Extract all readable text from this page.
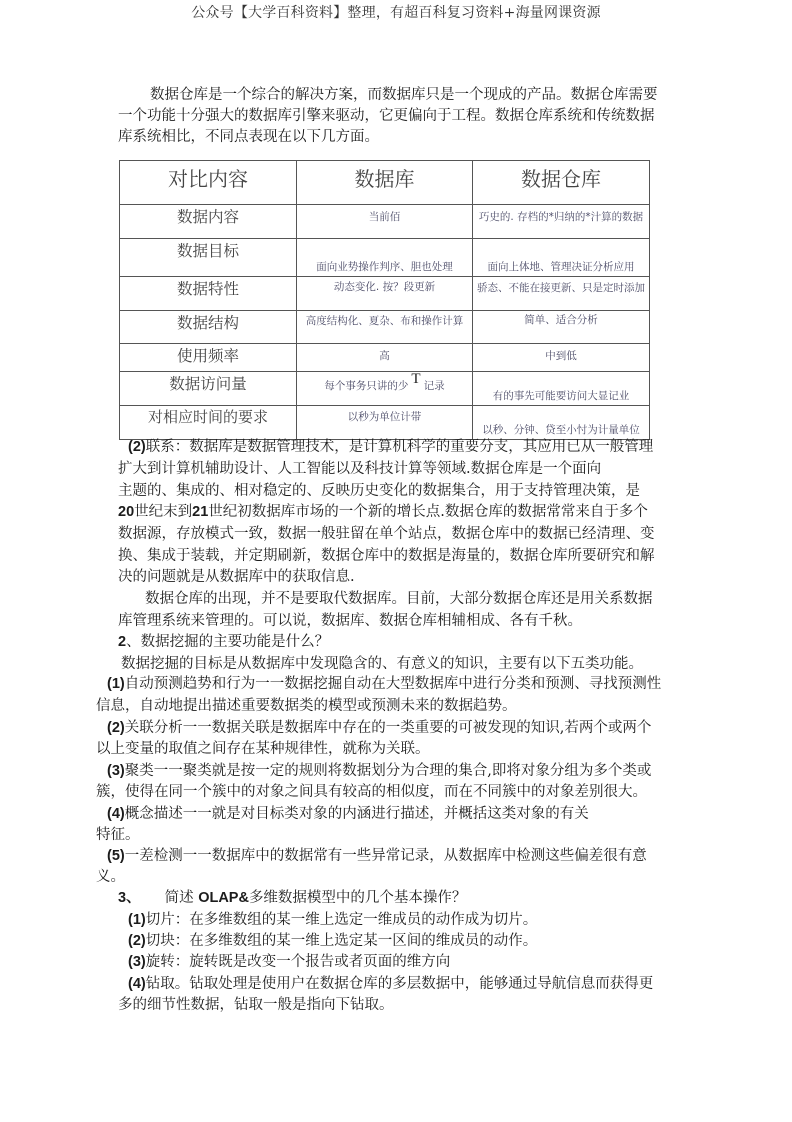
公众号【大学百科资料】整理，有超百科复习资料+海量网课资源
数据仓库是一个综合的解决方案，而数据库只是一个现成的产品。数据仓库需要
一个功能十分强大的数据库引擎来驱动，它更偏向于工程。数据仓库系统和传统数据
库系统相比，不同点表现在以下几方面。
对比内容	数据库	数据仓库
数据内容	当前佰	巧史的. 存档的*归纳的*汁算的数据
数据目标	面向业势操作判序、胆也处理	面向上体地、管理决证分析应用
数据特性	动态变化. 按？段更新	骄态、不能在接更新、只是定时添加
数据结构	高度结构化、夏杂、布和操作计算	简单、适合分析
使用频率	高	中到低
数据访问量	每个事务只讲的少 T 记录	有的事先可能要访问大显记业
对相应时间的要求	以秒为单位计带	以秒、分钟、贷至小忖为计量单位
(2)联系：数据库是数据管理技术，是计算机科学的重要分支，其应用已从一般管理
扩大到计算机辅助设计、人工智能以及科技计算等领域.数据仓库是一个面向
主题的、集成的、相对稳定的、反映历史变化的数据集合，用于支持管理决策，是
20世纪末到21世纪初数据库市场的一个新的增长点.数据仓库的数据常常来自于多个
数据源，存放模式一致，数据一般驻留在单个站点，数据仓库中的数据已经清理、变
换、集成于装载，并定期刷新，数据仓库中的数据是海量的，数据仓库所要研究和解
决的问题就是从数据库中的获取信息.
数据仓库的出现，并不是要取代数据库。目前，大部分数据仓库还是用关系数据
库管理系统来管理的。可以说，数据库、数据仓库相辅相成、各有千秋。
2、数据挖掘的主要功能是什么？
数据挖掘的目标是从数据库中发现隐含的、有意义的知识，主要有以下五类功能。
(1)自动预测趋势和行为一一数据挖掘自动在大型数据库中进行分类和预测、寻找预测性
信息，自动地提出描述重要数据类的模型或预测未来的数据趋势。
(2)关联分析一一数据关联是数据库中存在的一类重要的可被发现的知识,若两个或两个
以上变量的取值之间存在某种规律性，就称为关联。
(3)聚类一一聚类就是按一定的规则将数据划分为合理的集合,即将对象分组为多个类或
簇，使得在同一个簇中的对象之间具有较高的相似度，而在不同簇中的对象差别很大。
(4)概念描述一一就是对目标类对象的内涵进行描述，并概括这类对象的有关
特征。
(5)一差检测一一数据库中的数据常有一些异常记录，从数据库中检测这些偏差很有意
义。
3、 简述 OLAP&多维数据模型中的几个基本操作？
(1)切片：在多维数组的某一维上选定一维成员的动作成为切片。
(2)切块：在多维数组的某一维上选定某一区间的维成员的动作。
(3)旋转：旋转既是改变一个报告或者页面的维方向
(4)钻取。钻取处理是使用户在数据仓库的多层数据中，能够通过导航信息而获得更
多的细节性数据，钻取一般是指向下钻取。
